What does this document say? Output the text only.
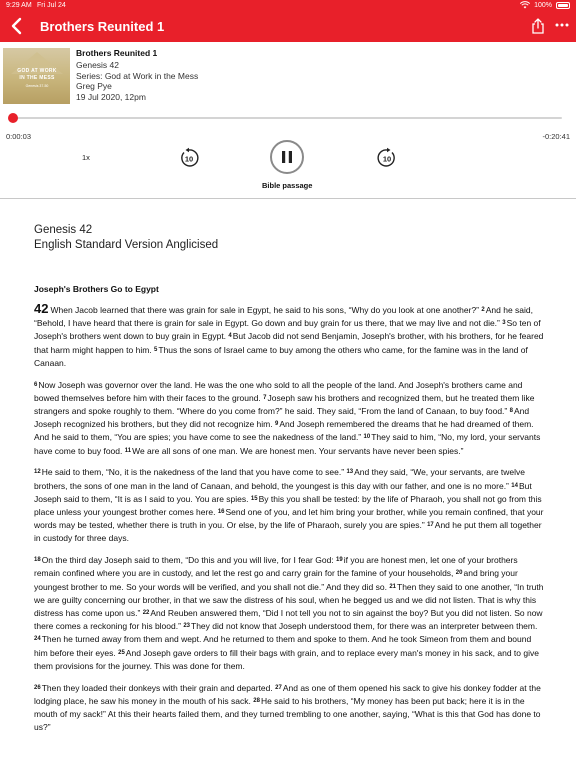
9:29 AM Fri Jul 24	100%
Brothers Reunited 1
GOD AT WORK
IN THE MESS
Genesis 37-50
Brothers Reunited 1
Genesis 42
Series: God at Work in the Mess
Greg Pye
19 Jul 2020, 12pm
0:00:03	-0:20:41
1x	10	10
Bible passage
Genesis 42
English Standard Version Anglicised
Joseph's Brothers Go to Egypt

42 When Jacob learned that there was grain for sale in Egypt, he said to his sons, “Why do you look at one another?” $^2$And he said, “Behold, I have heard that there is grain for sale in Egypt. Go down and buy grain for us there, that we may live and not die.” $^3$So ten of Joseph's brothers went down to buy grain in Egypt. $^4$But Jacob did not send Benjamin, Joseph's brother, with his brothers, for he feared that harm might happen to him. $^5$Thus the sons of Israel came to buy among the others who came, for the famine was in the land of Canaan.

$^6$Now Joseph was governor over the land. He was the one who sold to all the people of the land. And Joseph's brothers came and bowed themselves before him with their faces to the ground. $^7$Joseph saw his brothers and recognized them, but he treated them like strangers and spoke roughly to them. “Where do you come from?” he said. They said, “From the land of Canaan, to buy food.” $^8$And Joseph recognized his brothers, but they did not recognize him. $^9$And Joseph remembered the dreams that he had dreamed of them. And he said to them, “You are spies; you have come to see the nakedness of the land.” $^{10}$They said to him, “No, my lord, your servants have come to buy food. $^{11}$We are all sons of one man. We are honest men. Your servants have never been spies.”

$^{12}$He said to them, “No, it is the nakedness of the land that you have come to see.” $^{13}$And they said, “We, your servants, are twelve brothers, the sons of one man in the land of Canaan, and behold, the youngest is this day with our father, and one is no more.” $^{14}$But Joseph said to them, “It is as I said to you. You are spies. $^{15}$By this you shall be tested: by the life of Pharaoh, you shall not go from this place unless your youngest brother comes here. $^{16}$Send one of you, and let him bring your brother, while you remain confined, that your words may be tested, whether there is truth in you. Or else, by the life of Pharaoh, surely you are spies.” $^{17}$And he put them all together in custody for three days.

$^{18}$On the third day Joseph said to them, “Do this and you will live, for I fear God: $^{19}$if you are honest men, let one of your brothers remain confined where you are in custody, and let the rest go and carry grain for the famine of your households, $^{20}$and bring your youngest brother to me. So your words will be verified, and you shall not die.” And they did so. $^{21}$Then they said to one another, “In truth we are guilty concerning our brother, in that we saw the distress of his soul, when he begged us and we did not listen. That is why this distress has come upon us.” $^{22}$And Reuben answered them, “Did I not tell you not to sin against the boy? But you did not listen. So now there comes a reckoning for his blood.” $^{23}$They did not know that Joseph understood them, for there was an interpreter between them. $^{24}$Then he turned away from them and wept. And he returned to them and spoke to them. And he took Simeon from them and bound him before their eyes. $^{25}$And Joseph gave orders to fill their bags with grain, and to replace every man's money in his sack, and to give them provisions for the journey. This was done for them.

$^{26}$Then they loaded their donkeys with their grain and departed. $^{27}$And as one of them opened his sack to give his donkey fodder at the lodging place, he saw his money in the mouth of his sack. $^{28}$He said to his brothers, “My money has been put back; here it is in the mouth of my sack!” At this their hearts failed them, and they turned trembling to one another, saying, “What is this that God has done to us?”
